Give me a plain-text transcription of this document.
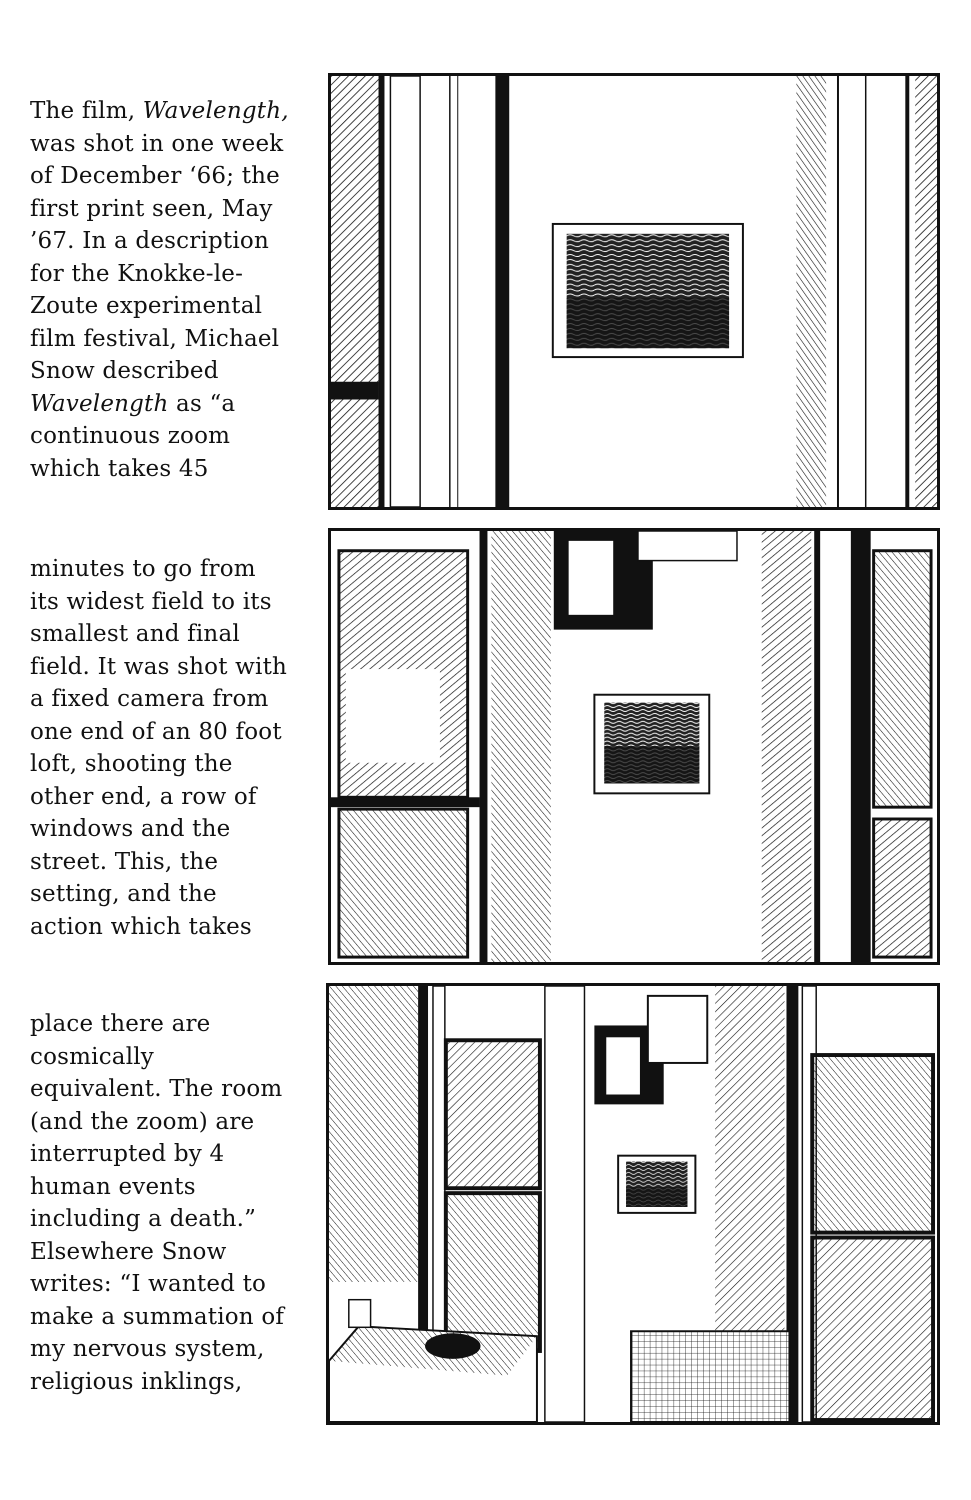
The film, Wavelength,
was shot in one week
of December ‘66; the
first print seen, May
’67. In a description
for the Knokke-le-
Zoute experimental
film festival, Michael
Snow described
Wavelength as “a
continuous zoom
which takes 45
minutes to go from
its widest field to its
smallest and final
field. It was shot with
a fixed camera from
one end of an 80 foot
loft, shooting the
other end, a row of
windows and the
street. This, the
setting, and the
action which takes
place there are
cosmically
equivalent. The room
(and the zoom) are
interrupted by 4
human events
including a death.”
Elsewhere Snow
writes: “I wanted to
make a summation of
my nervous system,
religious inklings,
